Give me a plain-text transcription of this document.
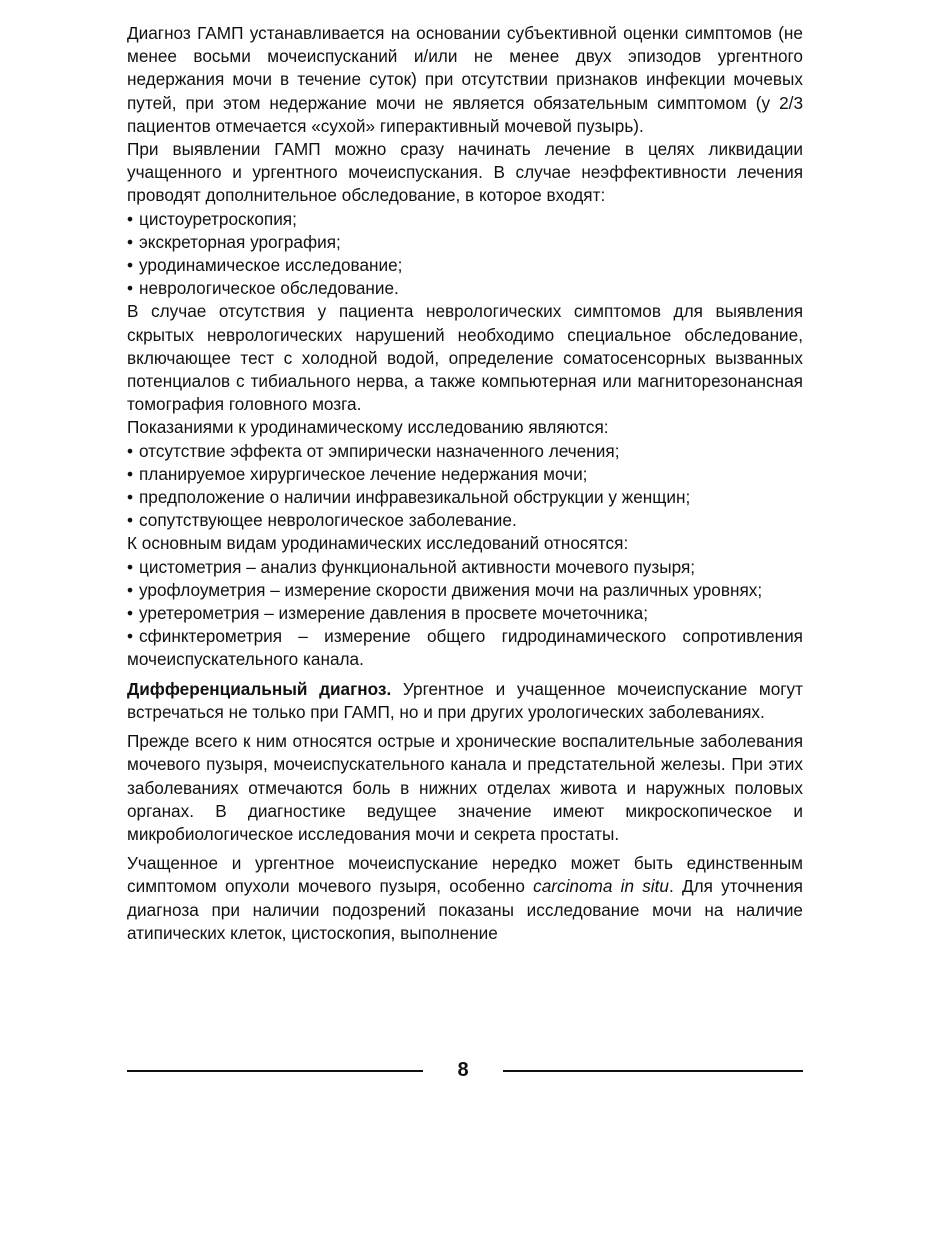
Диагноз ГАМП устанавливается на основании субъективной оценки симптомов (не менее восьми мочеиспусканий и/или не менее двух эпизодов ургентного недержания мочи в течение суток) при отсутствии признаков инфекции мочевых путей, при этом недержание мочи не является обязательным симптомом (у 2/3 пациентов отмечается «сухой» гиперактивный мочевой пузырь).

При выявлении ГАМП можно сразу начинать лечение в целях ликвидации учащенного и ургентного мочеиспускания. В случае неэффективности лечения проводят дополнительное обследование, в которое входят:

• цистоуретроскопия;
• экскреторная урография;
• уродинамическое исследование;
• неврологическое обследование.

В случае отсутствия у пациента неврологических симптомов для выявления скрытых неврологических нарушений необходимо специальное обследование, включающее тест с холодной водой, определение соматосенсорных вызванных потенциалов с тибиального нерва, а также компьютерная или магниторезонансная томография головного мозга.

Показаниями к уродинамическому исследованию являются:

• отсутствие эффекта от эмпирически назначенного лечения;
• планируемое хирургическое лечение недержания мочи;
• предположение о наличии инфравезикальной обструкции у женщин;
• сопутствующее неврологическое заболевание.

К основным видам уродинамических исследований относятся:

• цистометрия – анализ функциональной активности мочевого пузыря;
• урофлоуметрия – измерение скорости движения мочи на различных уровнях;
• уретерометрия – измерение давления в просвете мочеточника;
• сфинктерометрия – измерение общего гидродинамического сопротивления мочеиспускательного канала.

Дифференциальный диагноз. Ургентное и учащенное мочеиспускание могут встречаться не только при ГАМП, но и при других урологических заболеваниях.

Прежде всего к ним относятся острые и хронические воспалительные заболевания мочевого пузыря, мочеиспускательного канала и предстательной железы. При этих заболеваниях отмечаются боль в нижних отделах живота и наружных половых органах. В диагностике ведущее значение имеют микроскопическое и микробиологическое исследования мочи и секрета простаты.

Учащенное и ургентное мочеиспускание нередко может быть единственным симптомом опухоли мочевого пузыря, особенно carcinoma in situ. Для уточнения диагноза при наличии подозрений показаны исследование мочи на наличие атипических клеток, цистоскопия, выполнение

8
